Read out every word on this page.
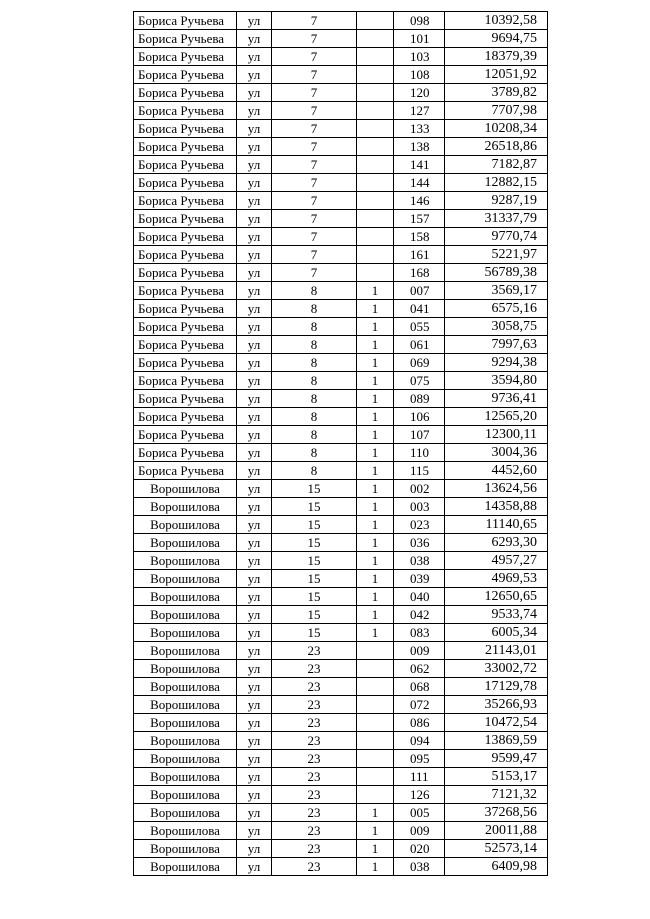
Бориса Ручьева	ул	7		098	10392,58
Бориса Ручьева	ул	7		101	9694,75
Бориса Ручьева	ул	7		103	18379,39
Бориса Ручьева	ул	7		108	12051,92
Бориса Ручьева	ул	7		120	3789,82
Бориса Ручьева	ул	7		127	7707,98
Бориса Ручьева	ул	7		133	10208,34
Бориса Ручьева	ул	7		138	26518,86
Бориса Ручьева	ул	7		141	7182,87
Бориса Ручьева	ул	7		144	12882,15
Бориса Ручьева	ул	7		146	9287,19
Бориса Ручьева	ул	7		157	31337,79
Бориса Ручьева	ул	7		158	9770,74
Бориса Ручьева	ул	7		161	5221,97
Бориса Ручьева	ул	7		168	56789,38
Бориса Ручьева	ул	8	1	007	3569,17
Бориса Ручьева	ул	8	1	041	6575,16
Бориса Ручьева	ул	8	1	055	3058,75
Бориса Ручьева	ул	8	1	061	7997,63
Бориса Ручьева	ул	8	1	069	9294,38
Бориса Ручьева	ул	8	1	075	3594,80
Бориса Ручьева	ул	8	1	089	9736,41
Бориса Ручьева	ул	8	1	106	12565,20
Бориса Ручьева	ул	8	1	107	12300,11
Бориса Ручьева	ул	8	1	110	3004,36
Бориса Ручьева	ул	8	1	115	4452,60
Ворошилова	ул	15	1	002	13624,56
Ворошилова	ул	15	1	003	14358,88
Ворошилова	ул	15	1	023	11140,65
Ворошилова	ул	15	1	036	6293,30
Ворошилова	ул	15	1	038	4957,27
Ворошилова	ул	15	1	039	4969,53
Ворошилова	ул	15	1	040	12650,65
Ворошилова	ул	15	1	042	9533,74
Ворошилова	ул	15	1	083	6005,34
Ворошилова	ул	23		009	21143,01
Ворошилова	ул	23		062	33002,72
Ворошилова	ул	23		068	17129,78
Ворошилова	ул	23		072	35266,93
Ворошилова	ул	23		086	10472,54
Ворошилова	ул	23		094	13869,59
Ворошилова	ул	23		095	9599,47
Ворошилова	ул	23		111	5153,17
Ворошилова	ул	23		126	7121,32
Ворошилова	ул	23	1	005	37268,56
Ворошилова	ул	23	1	009	20011,88
Ворошилова	ул	23	1	020	52573,14
Ворошилова	ул	23	1	038	6409,98
